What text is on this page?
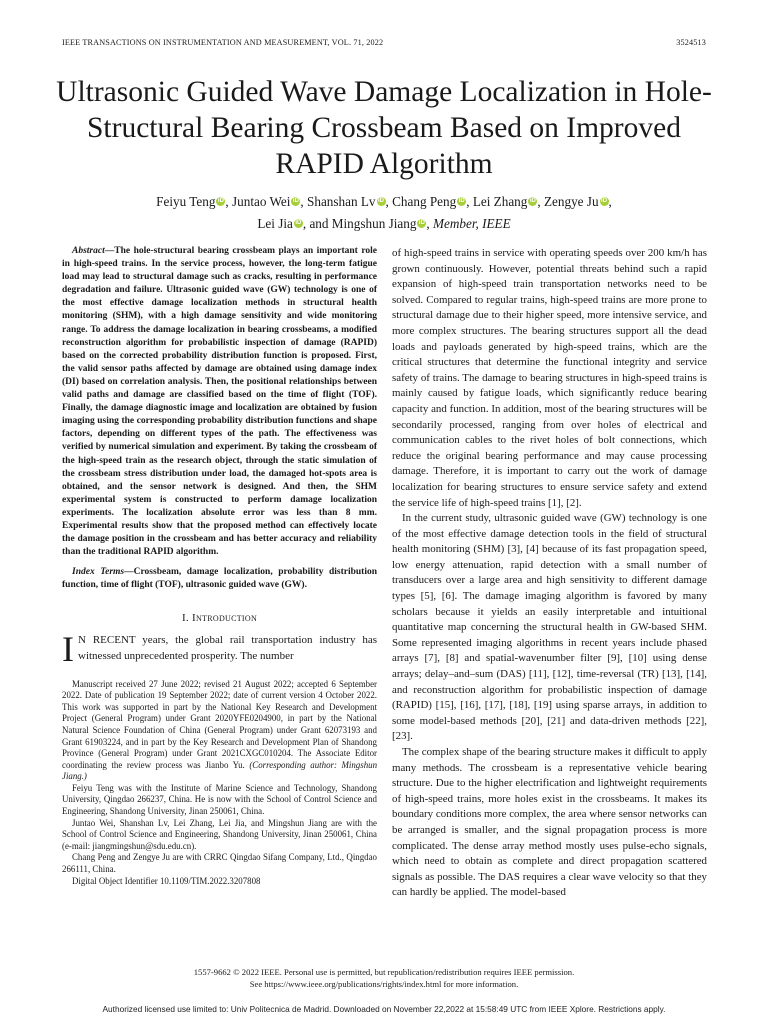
IEEE TRANSACTIONS ON INSTRUMENTATION AND MEASUREMENT, VOL. 71, 2022	3524513
Ultrasonic Guided Wave Damage Localization in Hole-Structural Bearing Crossbeam Based on Improved RAPID Algorithm
Feiyu Teng iD , Juntao Wei iD , Shanshan Lv iD , Chang Peng iD , Lei Zhang iD , Zengye Ju iD ,
Lei Jia iD , and Mingshun Jiang iD , Member, IEEE

Abstract—The hole-structural bearing crossbeam plays an important role in high-speed trains. In the service process, however, the long-term fatigue load may lead to structural damage such as cracks, resulting in performance degradation and failure. Ultrasonic guided wave (GW) technology is one of the most effective damage localization methods in structural health monitoring (SHM), with a high damage sensitivity and wide monitoring range. To address the damage localization in bearing crossbeams, a modified reconstruction algorithm for probabilistic inspection of damage (RAPID) based on the corrected probability distribution function is proposed. First, the valid sensor paths affected by damage are obtained using damage index (DI) based on correlation analysis. Then, the positional relationships between valid paths and damage are classified based on the time of flight (TOF). Finally, the damage diagnostic image and localization are obtained by fusion imaging using the corresponding probability distribution functions and shape factors, depending on different types of the path. The effectiveness was verified by numerical simulation and experiment. By taking the crossbeam of the high-speed train as the research object, through the static simulation of the crossbeam stress distribution under load, the damaged hot-spots area is obtained, and the sensor network is designed. And then, the SHM experimental system is constructed to perform damage localization experiments. The localization absolute error was less than 8 mm. Experimental results show that the proposed method can effectively locate the damage position in the crossbeam and has better accuracy and reliability than the traditional RAPID algorithm.

Index Terms—Crossbeam, damage localization, probability distribution function, time of flight (TOF), ultrasonic guided wave (GW).

I. Introduction

I N RECENT years, the global rail transportation industry has witnessed unprecedented prosperity. The number

Manuscript received 27 June 2022; revised 21 August 2022; accepted 6 September 2022. Date of publication 19 September 2022; date of current version 4 October 2022. This work was supported in part by the National Key Research and Development Project (General Program) under Grant 2020YFE0204900, in part by the National Natural Science Foundation of China (General Program) under Grant 62073193 and Grant 61903224, and in part by the Key Research and Development Plan of Shandong Province (General Program) under Grant 2021CXGC010204. The Associate Editor coordinating the review process was Jianbo Yu. (Corresponding author: Mingshun Jiang.)

Feiyu Teng was with the Institute of Marine Science and Technology, Shandong University, Qingdao 266237, China. He is now with the School of Control Science and Engineering, Shandong University, Jinan 250061, China.

Juntao Wei, Shanshan Lv, Lei Zhang, Lei Jia, and Mingshun Jiang are with the School of Control Science and Engineering, Shandong University, Jinan 250061, China (e-mail: jiangmingshun@sdu.edu.cn).

Chang Peng and Zengye Ju are with CRRC Qingdao Sifang Company, Ltd., Qingdao 266111, China.

Digital Object Identifier 10.1109/TIM.2022.3207808

of high-speed trains in service with operating speeds over 200 km/h has grown continuously. However, potential threats behind such a rapid expansion of high-speed train transportation networks need to be solved. Compared to regular trains, high-speed trains are more prone to structural damage due to their higher speed, more intensive service, and more complex structures. The bearing structures support all the dead loads and payloads generated by high-speed trains, which are the critical structures that determine the functional integrity and service safety of trains. The damage to bearing structures in high-speed trains is mainly caused by fatigue loads, which significantly reduce bearing capacity and function. In addition, most of the bearing structures will be secondarily processed, ranging from over holes of electrical and communication cables to the rivet holes of bolt connections, which reduce the original bearing performance and may cause processing damage. Therefore, it is important to carry out the work of damage localization for bearing structures to ensure service safety and extend the service life of high-speed trains [1], [2].

In the current study, ultrasonic guided wave (GW) technology is one of the most effective damage detection tools in the field of structural health monitoring (SHM) [3], [4] because of its fast propagation speed, low energy attenuation, rapid detection with a small number of transducers over a large area and high sensitivity to different damage types [5], [6]. The damage imaging algorithm is favored by many scholars because it yields an easily interpretable and intuitional quantitative map concerning the structural health in GW-based SHM. Some represented imaging algorithms in recent years include phased arrays [7], [8] and spatial-wavenumber filter [9], [10] using dense arrays; delay–and–sum (DAS) [11], [12], time-reversal (TR) [13], [14], and reconstruction algorithm for probabilistic inspection of damage (RAPID) [15], [16], [17], [18], [19] using sparse arrays, in addition to some model-based methods [20], [21] and data-driven methods [22], [23].

The complex shape of the bearing structure makes it difficult to apply many methods. The crossbeam is a representative vehicle bearing structure. Due to the higher electrification and lightweight requirements of high-speed trains, more holes exist in the crossbeams. It makes its boundary conditions more complex, the area where sensor networks can be arranged is smaller, and the signal propagation process is more complicated. The dense array method mostly uses pulse-echo signals, which need to obtain as complete and direct propagation scattered signals as possible. The DAS requires a clear wave velocity so that they can hardly be applied. The model-based

1557-9662 © 2022 IEEE. Personal use is permitted, but republication/redistribution requires IEEE permission.
See https://www.ieee.org/publications/rights/index.html for more information.
Authorized licensed use limited to: Univ Politecnica de Madrid. Downloaded on November 22,2022 at 15:58:49 UTC from IEEE Xplore. Restrictions apply.
